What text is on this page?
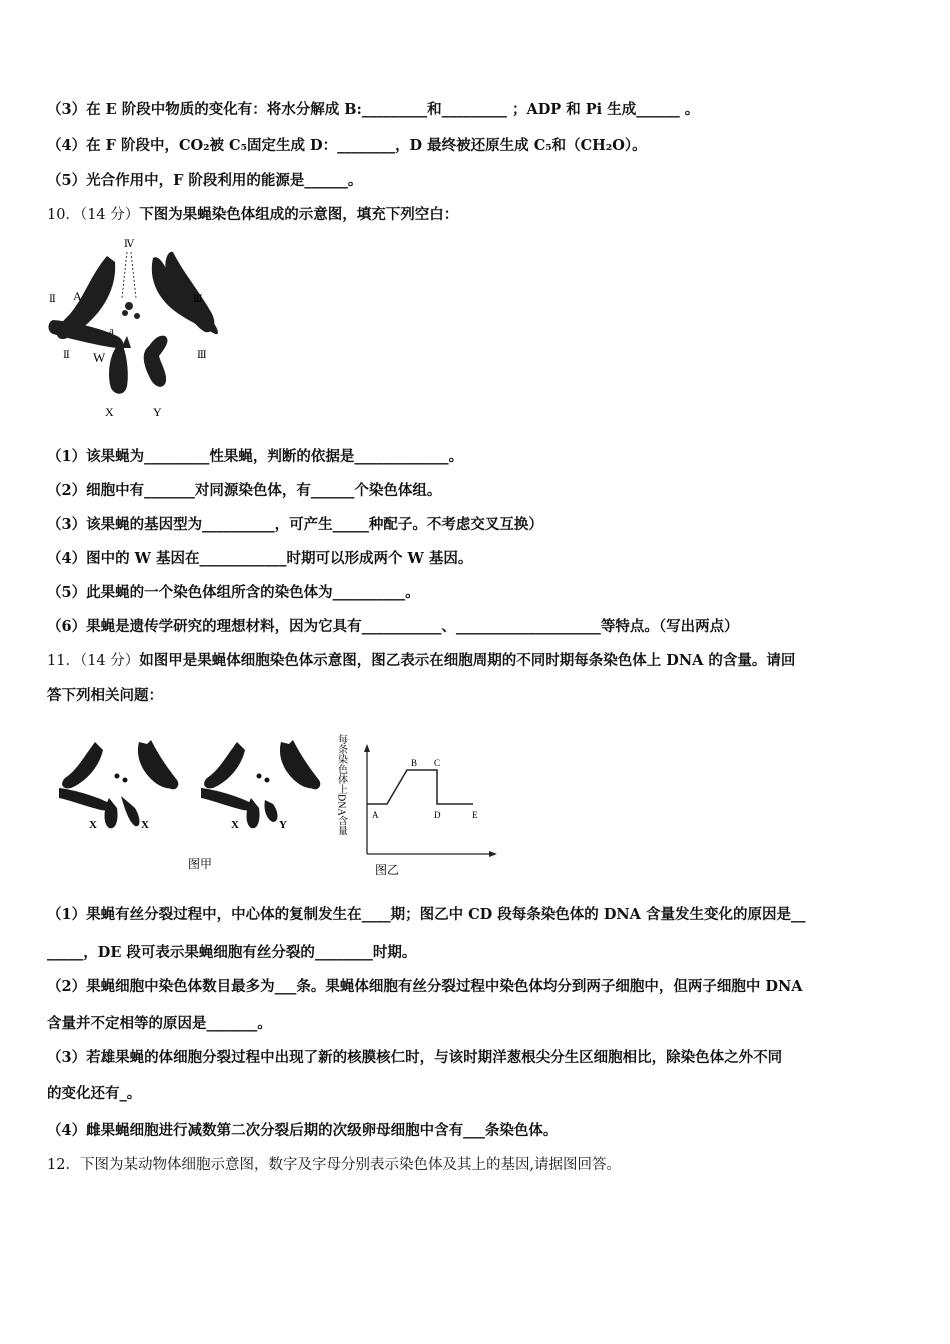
（3）在 E 阶段中物质的变化有：将水分解成 B:_________和_________ ；ADP 和 Pi 生成______ 。
（4）在 F 阶段中，CO₂被 C₅固定生成 D：________，D 最终被还原生成 C₅和（CH₂O）。
（5）光合作用中，F 阶段利用的能源是______。
10．（14 分）下图为果蝇染色体组成的示意图，填充下列空白：
Ⅳ
Ⅱ	Ⅲ
Ⅱ	Ⅲ
A
a
W
X	Y
（1）该果蝇为_________性果蝇，判断的依据是_____________。
（2）细胞中有_______对同源染色体，有______个染色体组。
（3）该果蝇的基因型为__________，可产生_____种配子。不考虑交叉互换）
（4）图中的 W 基因在____________时期可以形成两个 W 基因。
（5）此果蝇的一个染色体组所含的染色体为__________。
（6）果蝇是遗传学研究的理想材料，因为它具有___________、____________________等特点。（写出两点）
11．（14 分）如图甲是果蝇体细胞染色体示意图，图乙表示在细胞周期的不同时期每条染色体上 DNA 的含量。请回
答下列相关问题：
X	X	X	Y
图甲
每条染色体上DNA含量	A
B C
D	E
图乙
（1）果蝇有丝分裂过程中，中心体的复制发生在____期；图乙中 CD 段每条染色体的 DNA 含量发生变化的原因是__
_____，DE 段可表示果蝇细胞有丝分裂的________时期。
（2）果蝇细胞中染色体数目最多为___条。果蝇体细胞有丝分裂过程中染色体均分到两子细胞中，但两子细胞中 DNA
含量并不定相等的原因是_______。
（3）若雄果蝇的体细胞分裂过程中出现了新的核膜核仁时，与该时期洋葱根尖分生区细胞相比，除染色体之外不同
的变化还有_。
（4）雌果蝇细胞进行减数第二次分裂后期的次级卵母细胞中含有___条染色体。
12．下图为某动物体细胞示意图，数字及字母分别表示染色体及其上的基因,请据图回答。
